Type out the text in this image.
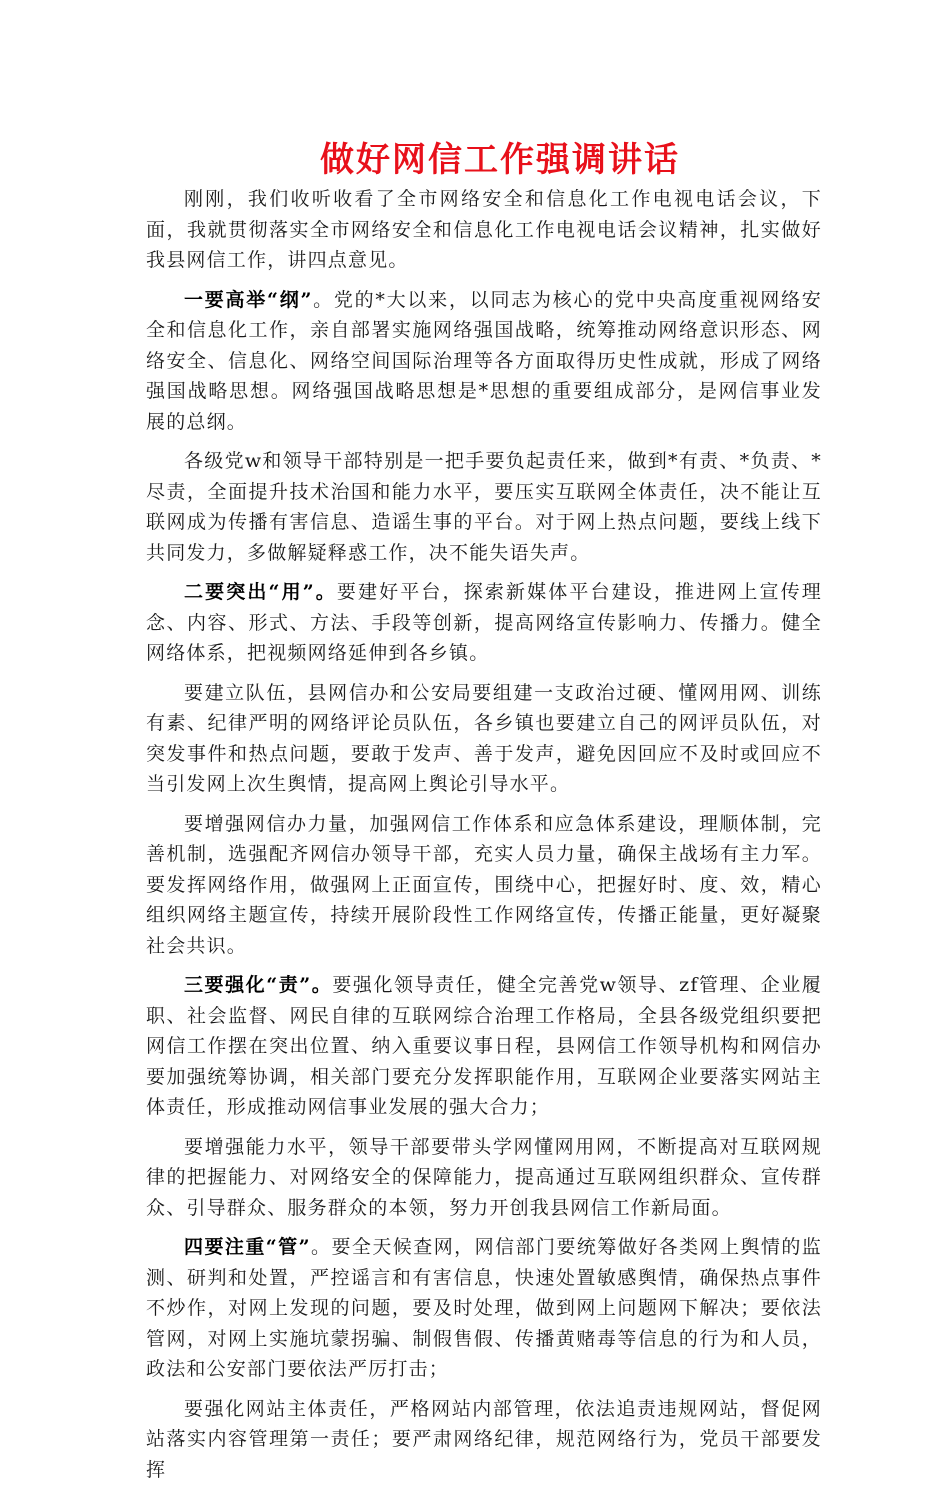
做好网信工作强调讲话

刚刚，我们收听收看了全市网络安全和信息化工作电视电话会议，下面，我就贯彻落实全市网络安全和信息化工作电视电话会议精神，扎实做好我县网信工作，讲四点意见。

一要高举“纲”。党的*大以来，以同志为核心的党中央高度重视网络安全和信息化工作，亲自部署实施网络强国战略，统筹推动网络意识形态、网络安全、信息化、网络空间国际治理等各方面取得历史性成就，形成了网络强国战略思想。网络强国战略思想是*思想的重要组成部分，是网信事业发展的总纲。

各级党w和领导干部特别是一把手要负起责任来，做到*有责、*负责、*尽责，全面提升技术治国和能力水平，要压实互联网全体责任，决不能让互联网成为传播有害信息、造谣生事的平台。对于网上热点问题，要线上线下共同发力，多做解疑释惑工作，决不能失语失声。

二要突出“用”。要建好平台，探索新媒体平台建设，推进网上宣传理念、内容、形式、方法、手段等创新，提高网络宣传影响力、传播力。健全网络体系，把视频网络延伸到各乡镇。

要建立队伍，县网信办和公安局要组建一支政治过硬、懂网用网、训练有素、纪律严明的网络评论员队伍，各乡镇也要建立自己的网评员队伍，对突发事件和热点问题，要敢于发声、善于发声，避免因回应不及时或回应不当引发网上次生舆情，提高网上舆论引导水平。

要增强网信办力量，加强网信工作体系和应急体系建设，理顺体制，完善机制，选强配齐网信办领导干部，充实人员力量，确保主战场有主力军。要发挥网络作用，做强网上正面宣传，围绕中心，把握好时、度、效，精心组织网络主题宣传，持续开展阶段性工作网络宣传，传播正能量，更好凝聚社会共识。

三要强化“责”。要强化领导责任，健全完善党w领导、zf管理、企业履职、社会监督、网民自律的互联网综合治理工作格局，全县各级党组织要把网信工作摆在突出位置、纳入重要议事日程，县网信工作领导机构和网信办要加强统筹协调，相关部门要充分发挥职能作用，互联网企业要落实网站主体责任，形成推动网信事业发展的强大合力；

要增强能力水平，领导干部要带头学网懂网用网，不断提高对互联网规律的把握能力、对网络安全的保障能力，提高通过互联网组织群众、宣传群众、引导群众、服务群众的本领，努力开创我县网信工作新局面。

四要注重“管”。要全天候查网，网信部门要统筹做好各类网上舆情的监测、研判和处置，严控谣言和有害信息，快速处置敏感舆情，确保热点事件不炒作，对网上发现的问题，要及时处理，做到网上问题网下解决；要依法管网，对网上实施坑蒙拐骗、制假售假、传播黄赌毒等信息的行为和人员，政法和公安部门要依法严厉打击；

要强化网站主体责任，严格网站内部管理，依法追责违规网站，督促网站落实内容管理第一责任；要严肃网络纪律，规范网络行为，党员干部要发挥
